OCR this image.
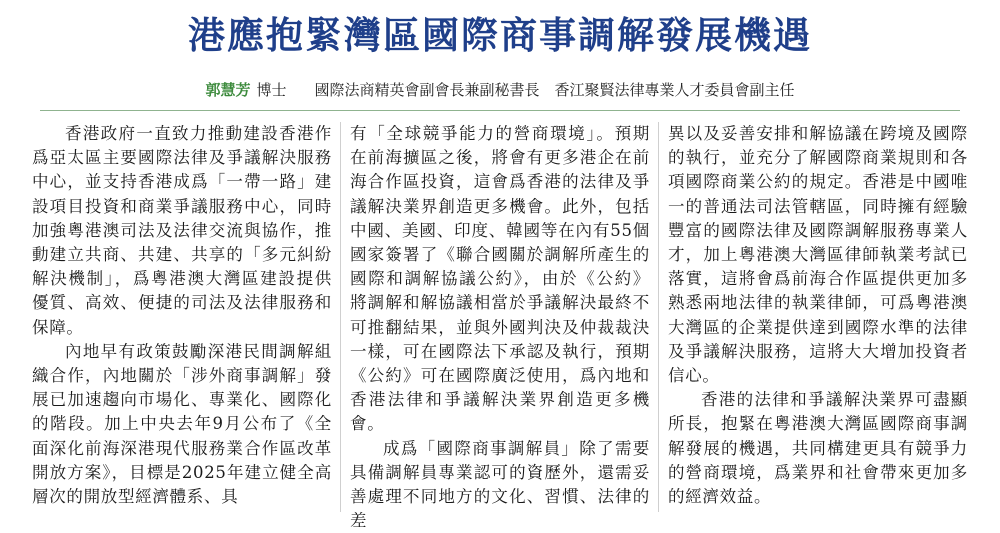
港應抱緊灣區國際商事調解發展機遇
郭慧芳 博士 國際法商精英會副會長兼副秘書長　香江聚賢法律專業人才委員會副主任

香港政府一直致力推動建設香港作爲亞太區主要國際法律及爭議解決服務中心，並支持香港成爲「一帶一路」建設項目投資和商業爭議服務中心，同時加強粵港澳司法及法律交流與協作，推動建立共商、共建、共享的「多元糾紛解決機制」，爲粵港澳大灣區建設提供優質、高效、便捷的司法及法律服務和保障。

內地早有政策鼓勵深港民間調解組織合作，內地關於「涉外商事調解」發展已加速趨向市場化、專業化、國際化的階段。加上中央去年9月公布了《全面深化前海深港現代服務業合作區改革開放方案》，目標是2025年建立健全高層次的開放型經濟體系、具

有「全球競爭能力的營商環境」。預期在前海擴區之後，將會有更多港企在前海合作區投資，這會爲香港的法律及爭議解決業界創造更多機會。此外，包括中國、美國、印度、韓國等在內有55個國家簽署了《聯合國關於調解所產生的國際和調解協議公約》，由於《公約》將調解和解協議相當於爭議解決最終不可推翻結果，並與外國判決及仲裁裁決一樣，可在國際法下承認及執行，預期《公約》可在國際廣泛使用，爲內地和香港法律和爭議解決業界創造更多機會。

成爲「國際商事調解員」除了需要具備調解員專業認可的資歷外，還需妥善處理不同地方的文化、習慣、法律的差

異以及妥善安排和解協議在跨境及國際的執行，並充分了解國際商業規則和各項國際商業公約的規定。香港是中國唯一的普通法司法管轄區，同時擁有經驗豐富的國際法律及國際調解服務專業人才，加上粵港澳大灣區律師執業考試已落實，這將會爲前海合作區提供更加多熟悉兩地法律的執業律師，可爲粵港澳大灣區的企業提供達到國際水準的法律及爭議解決服務，這將大大增加投資者信心。

香港的法律和爭議解決業界可盡顯所長，抱緊在粵港澳大灣區國際商事調解發展的機遇，共同構建更具有競爭力的營商環境，爲業界和社會帶來更加多的經濟效益。
